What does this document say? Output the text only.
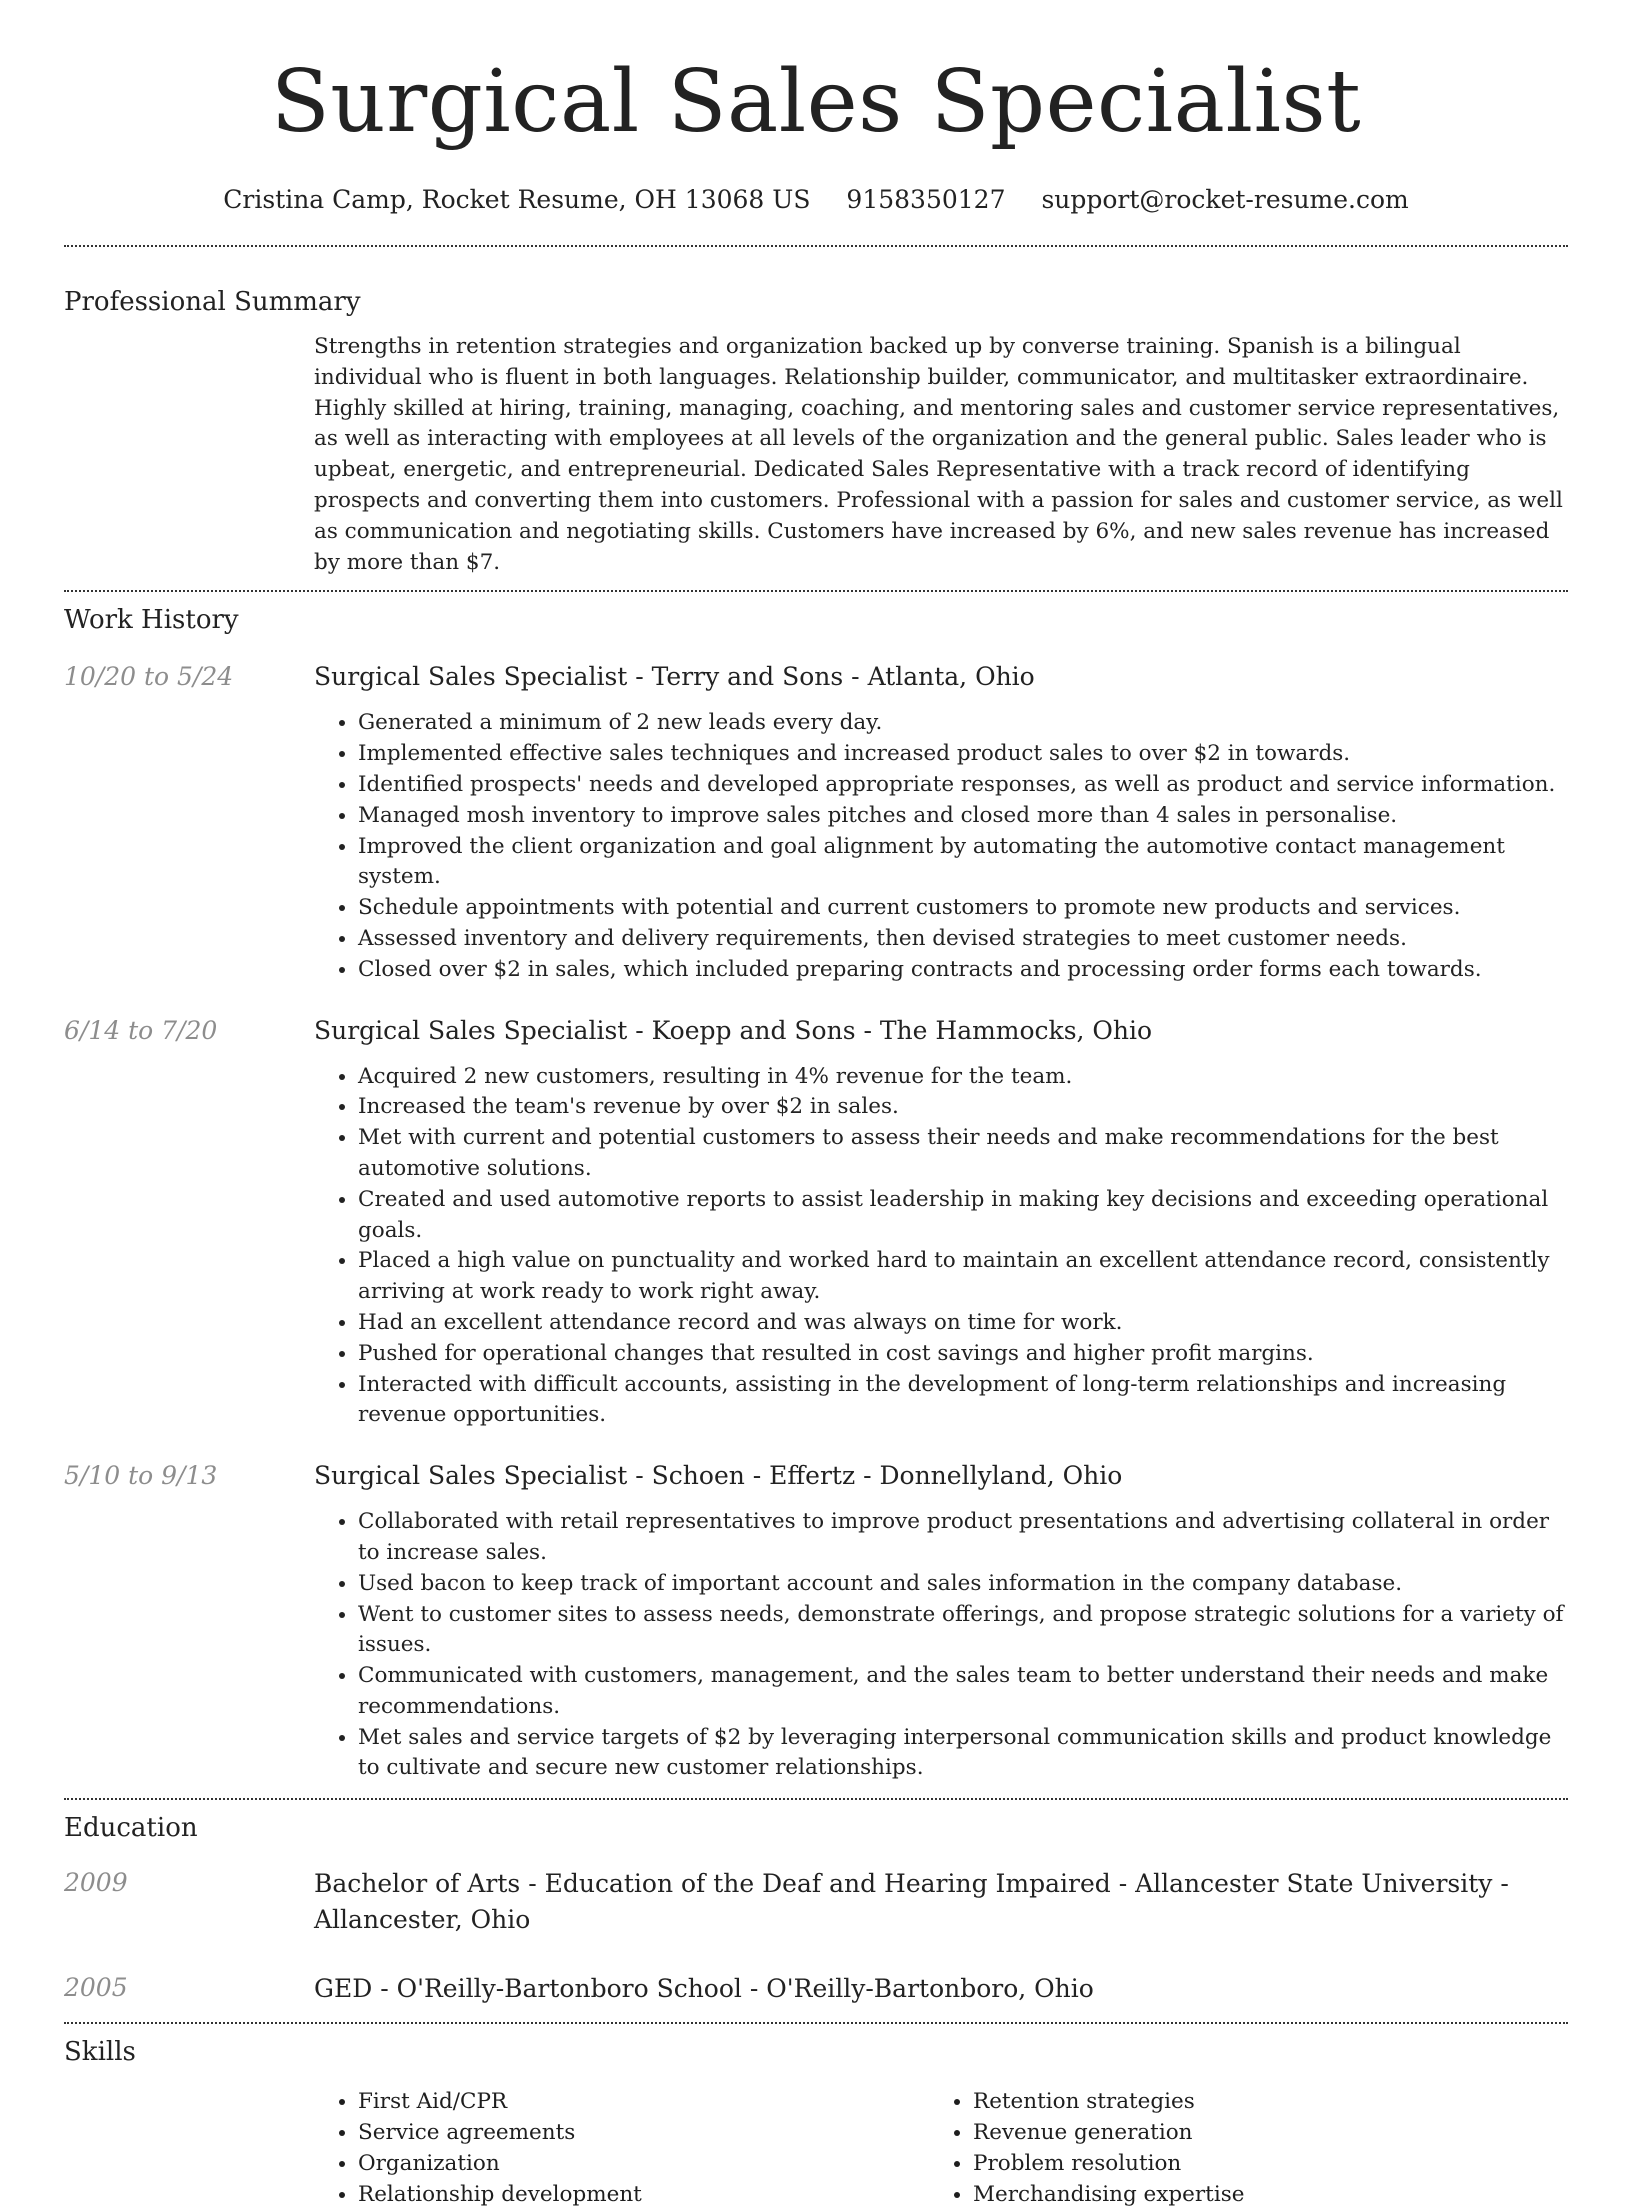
Surgical Sales Specialist
Cristina Camp, Rocket Resume, OH 13068 US 9158350127 support@rocket-resume.com
Professional Summary

Strengths in retention strategies and organization backed up by converse training. Spanish is a bilingual individual who is fluent in both languages. Relationship builder, communicator, and multitasker extraordinaire. Highly skilled at hiring, training, managing, coaching, and mentoring sales and customer service representatives, as well as interacting with employees at all levels of the organization and the general public. Sales leader who is upbeat, energetic, and entrepreneurial. Dedicated Sales Representative with a track record of identifying prospects and converting them into customers. Professional with a passion for sales and customer service, as well as communication and negotiating skills. Customers have increased by 6%, and new sales revenue has increased by more than $7.

Work History
10/20 to 5/24	Surgical Sales Specialist - Terry and Sons - Atlanta, Ohio
• Generated a minimum of 2 new leads every day.
• Implemented effective sales techniques and increased product sales to over $2 in towards.
• Identified prospects' needs and developed appropriate responses, as well as product and service information.
• Managed mosh inventory to improve sales pitches and closed more than 4 sales in personalise.
• Improved the client organization and goal alignment by automating the automotive contact management system.
• Schedule appointments with potential and current customers to promote new products and services.
• Assessed inventory and delivery requirements, then devised strategies to meet customer needs.
• Closed over $2 in sales, which included preparing contracts and processing order forms each towards.
6/14 to 7/20	Surgical Sales Specialist - Koepp and Sons - The Hammocks, Ohio
• Acquired 2 new customers, resulting in 4% revenue for the team.
• Increased the team's revenue by over $2 in sales.
• Met with current and potential customers to assess their needs and make recommendations for the best automotive solutions.
• Created and used automotive reports to assist leadership in making key decisions and exceeding operational goals.
• Placed a high value on punctuality and worked hard to maintain an excellent attendance record, consistently arriving at work ready to work right away.
• Had an excellent attendance record and was always on time for work.
• Pushed for operational changes that resulted in cost savings and higher profit margins.
• Interacted with difficult accounts, assisting in the development of long-term relationships and increasing revenue opportunities.
5/10 to 9/13	Surgical Sales Specialist - Schoen - Effertz - Donnellyland, Ohio
• Collaborated with retail representatives to improve product presentations and advertising collateral in order to increase sales.
• Used bacon to keep track of important account and sales information in the company database.
• Went to customer sites to assess needs, demonstrate offerings, and propose strategic solutions for a variety of issues.
• Communicated with customers, management, and the sales team to better understand their needs and make recommendations.
• Met sales and service targets of $2 by leveraging interpersonal communication skills and product knowledge to cultivate and secure new customer relationships.
Education
2009	Bachelor of Arts - Education of the Deaf and Hearing Impaired - Allancester State University - Allancester, Ohio
2005	GED - O'Reilly-Bartonboro School - O'Reilly-Bartonboro, Ohio
Skills
• First Aid/CPR
• Service agreements
• Organization
• Relationship development
• Retention strategies
• Revenue generation
• Problem resolution
• Merchandising expertise
